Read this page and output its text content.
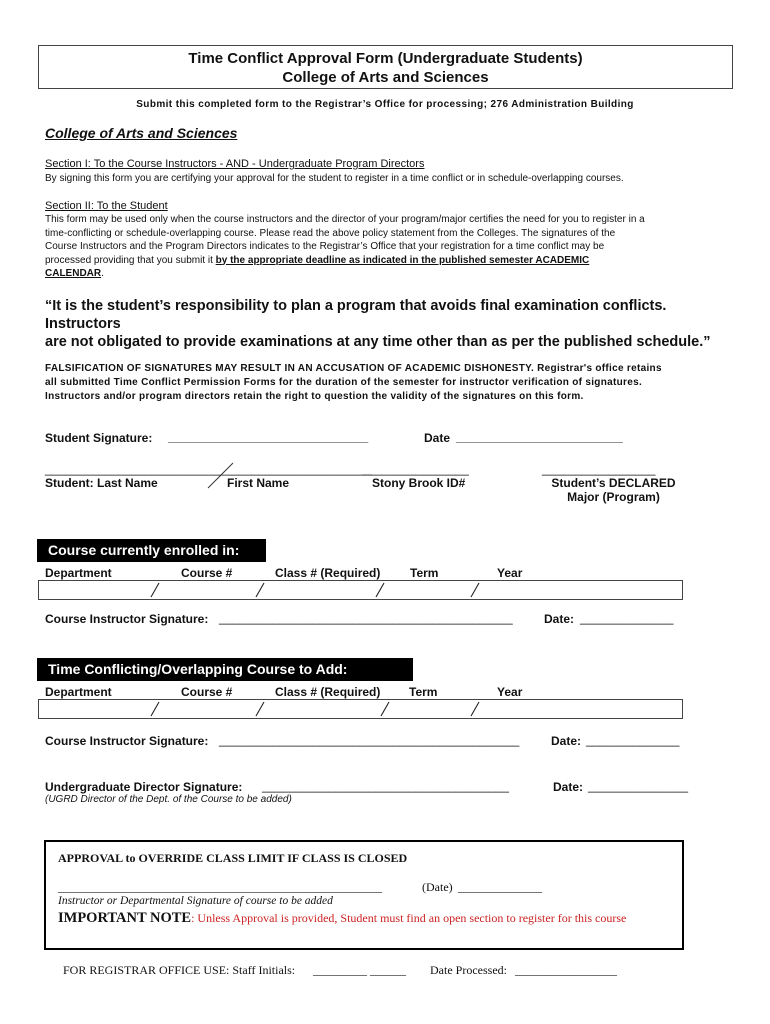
Time Conflict Approval Form (Undergraduate Students)
College of Arts and Sciences
Submit this completed form to the Registrar’s Office for processing; 276 Administration Building
College of Arts and Sciences
Section I: To the Course Instructors - AND - Undergraduate Program Directors
By signing this form you are certifying your approval for the student to register in a time conflict or in schedule-overlapping courses.
Section II: To the Student
This form may be used only when the course instructors and the director of your program/major certifies the need for you to register in a
time-conflicting or schedule-overlapping course. Please read the above policy statement from the Colleges. The signatures of the
Course Instructors and the Program Directors indicates to the Registrar’s Office that your registration for a time conflict may be
processed providing that you submit it by the appropriate deadline as indicated in the published semester ACADEMIC
CALENDAR.
“It is the student’s responsibility to plan a program that avoids final examination conflicts. Instructors
are not obligated to provide examinations at any time other than as per the published schedule.”
FALSIFICATION OF SIGNATURES MAY RESULT IN AN ACCUSATION OF ACADEMIC DISHONESTY. Registrar's office retains
all submitted Time Conflict Permission Forms for the duration of the semester for instructor verification of signatures.
Instructors and/or program directors retain the right to question the validity of the signatures on this form.
Student Signature: ______________________________	Date _________________________
_________________________________________________
________________	_________________
Student: Last Name	First Name	Stony Brook ID#	Student’s DECLARED
Major (Program)
Course currently enrolled in:
Department	Course #	Class # (Required) Term	Year
Course Instructor Signature: ____________________________________________	Date: ______________
Time Conflicting/Overlapping Course to Add:
Department	Course #	Class # (Required) Term	Year
Course Instructor Signature: _____________________________________________	Date: ______________
Undergraduate Director Signature: _____________________________________	Date: _______________
(UGRD Director of the Dept. of the Course to be added)
APPROVAL to OVERRIDE CLASS LIMIT IF CLASS IS CLOSED
______________________________________________________	(Date) ______________
Instructor or Departmental Signature of course to be added
IMPORTANT NOTE: Unless Approval is provided, Student must find an open section to register for this course
FOR REGISTRAR OFFICE USE: Staff Initials: _________ ______ Date Processed: _________________
